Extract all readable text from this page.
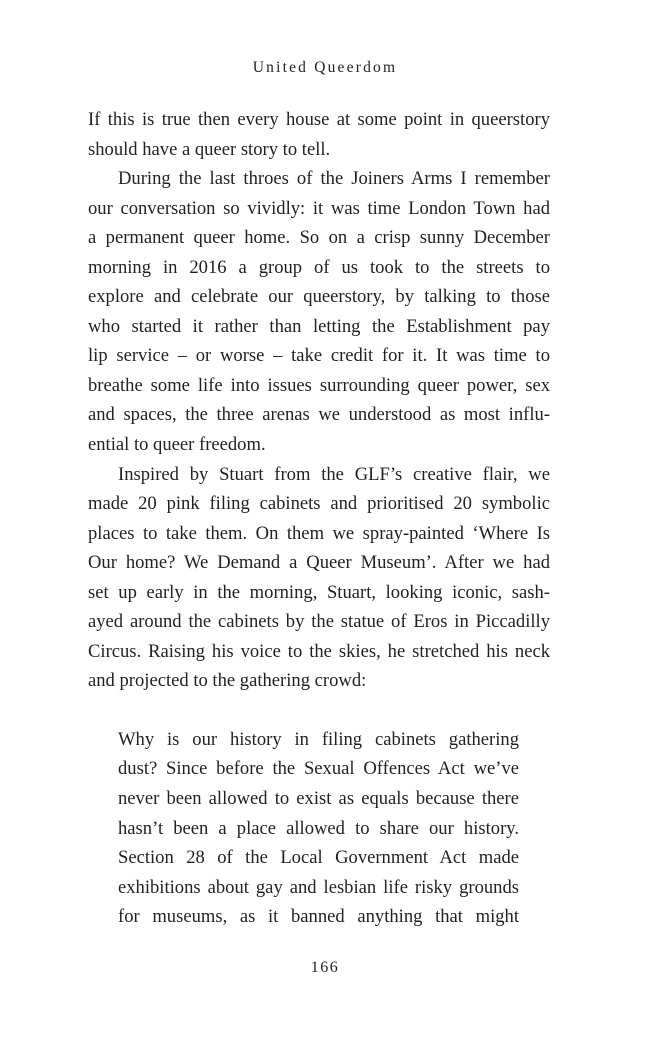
United Queerdom
If this is true then every house at some point in queerstory
should have a queer story to tell.
During the last throes of the Joiners Arms I remember
our conversation so vividly: it was time London Town had
a permanent queer home. So on a crisp sunny December
morning in 2016 a group of us took to the streets to
explore and celebrate our queerstory, by talking to those
who started it rather than letting the Establishment pay
lip service – or worse – take credit for it. It was time to
breathe some life into issues surrounding queer power, sex
and spaces, the three arenas we understood as most influ-
ential to queer freedom.
Inspired by Stuart from the GLF’s creative flair, we
made 20 pink filing cabinets and prioritised 20 symbolic
places to take them. On them we spray-painted ‘Where Is
Our home? We Demand a Queer Museum’. After we had
set up early in the morning, Stuart, looking iconic, sash-
ayed around the cabinets by the statue of Eros in Piccadilly
Circus. Raising his voice to the skies, he stretched his neck
and projected to the gathering crowd:
Why is our history in filing cabinets gathering
dust? Since before the Sexual Offences Act we’ve
never been allowed to exist as equals because there
hasn’t been a place allowed to share our history.
Section 28 of the Local Government Act made
exhibitions about gay and lesbian life risky grounds
for museums, as it banned anything that might
166
